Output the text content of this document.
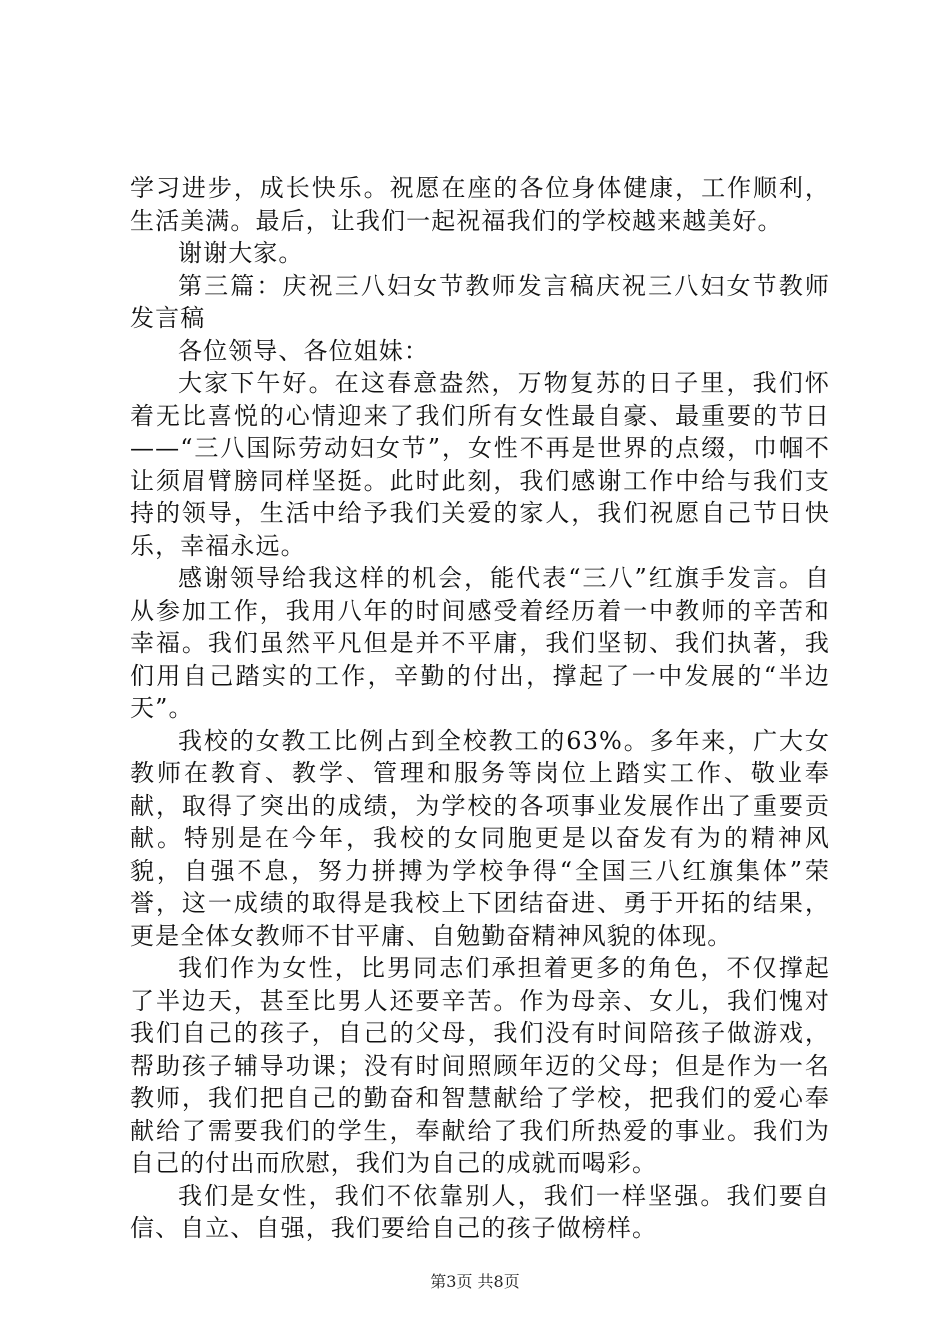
学习进步，成长快乐。祝愿在座的各位身体健康，工作顺利，生活美满。最后，让我们一起祝福我们的学校越来越美好。

谢谢大家。

第三篇：庆祝三八妇女节教师发言稿庆祝三八妇女节教师发言稿

各位领导、各位姐妹：

大家下午好。在这春意盎然，万物复苏的日子里，我们怀着无比喜悦的心情迎来了我们所有女性最自豪、最重要的节日——“三八国际劳动妇女节”，女性不再是世界的点缀，巾帼不让须眉臂膀同样坚挺。此时此刻，我们感谢工作中给与我们支持的领导，生活中给予我们关爱的家人，我们祝愿自己节日快乐，幸福永远。

感谢领导给我这样的机会，能代表“三八”红旗手发言。自从参加工作，我用八年的时间感受着经历着一中教师的辛苦和幸福。我们虽然平凡但是并不平庸，我们坚韧、我们执著，我们用自己踏实的工作，辛勤的付出，撑起了一中发展的“半边天”。

我校的女教工比例占到全校教工的63%。多年来，广大女教师在教育、教学、管理和服务等岗位上踏实工作、敬业奉献，取得了突出的成绩，为学校的各项事业发展作出了重要贡献。特别是在今年，我校的女同胞更是以奋发有为的精神风貌，自强不息，努力拼搏为学校争得“全国三八红旗集体”荣誉，这一成绩的取得是我校上下团结奋进、勇于开拓的结果，更是全体女教师不甘平庸、自勉勤奋精神风貌的体现。

我们作为女性，比男同志们承担着更多的角色，不仅撑起了半边天，甚至比男人还要辛苦。作为母亲、女儿，我们愧对我们自己的孩子，自己的父母，我们没有时间陪孩子做游戏，帮助孩子辅导功课；没有时间照顾年迈的父母；但是作为一名教师，我们把自己的勤奋和智慧献给了学校，把我们的爱心奉献给了需要我们的学生，奉献给了我们所热爱的事业。我们为自己的付出而欣慰，我们为自己的成就而喝彩。

我们是女性，我们不依靠别人，我们一样坚强。我们要自信、自立、自强，我们要给自己的孩子做榜样。

第3页 共8页
